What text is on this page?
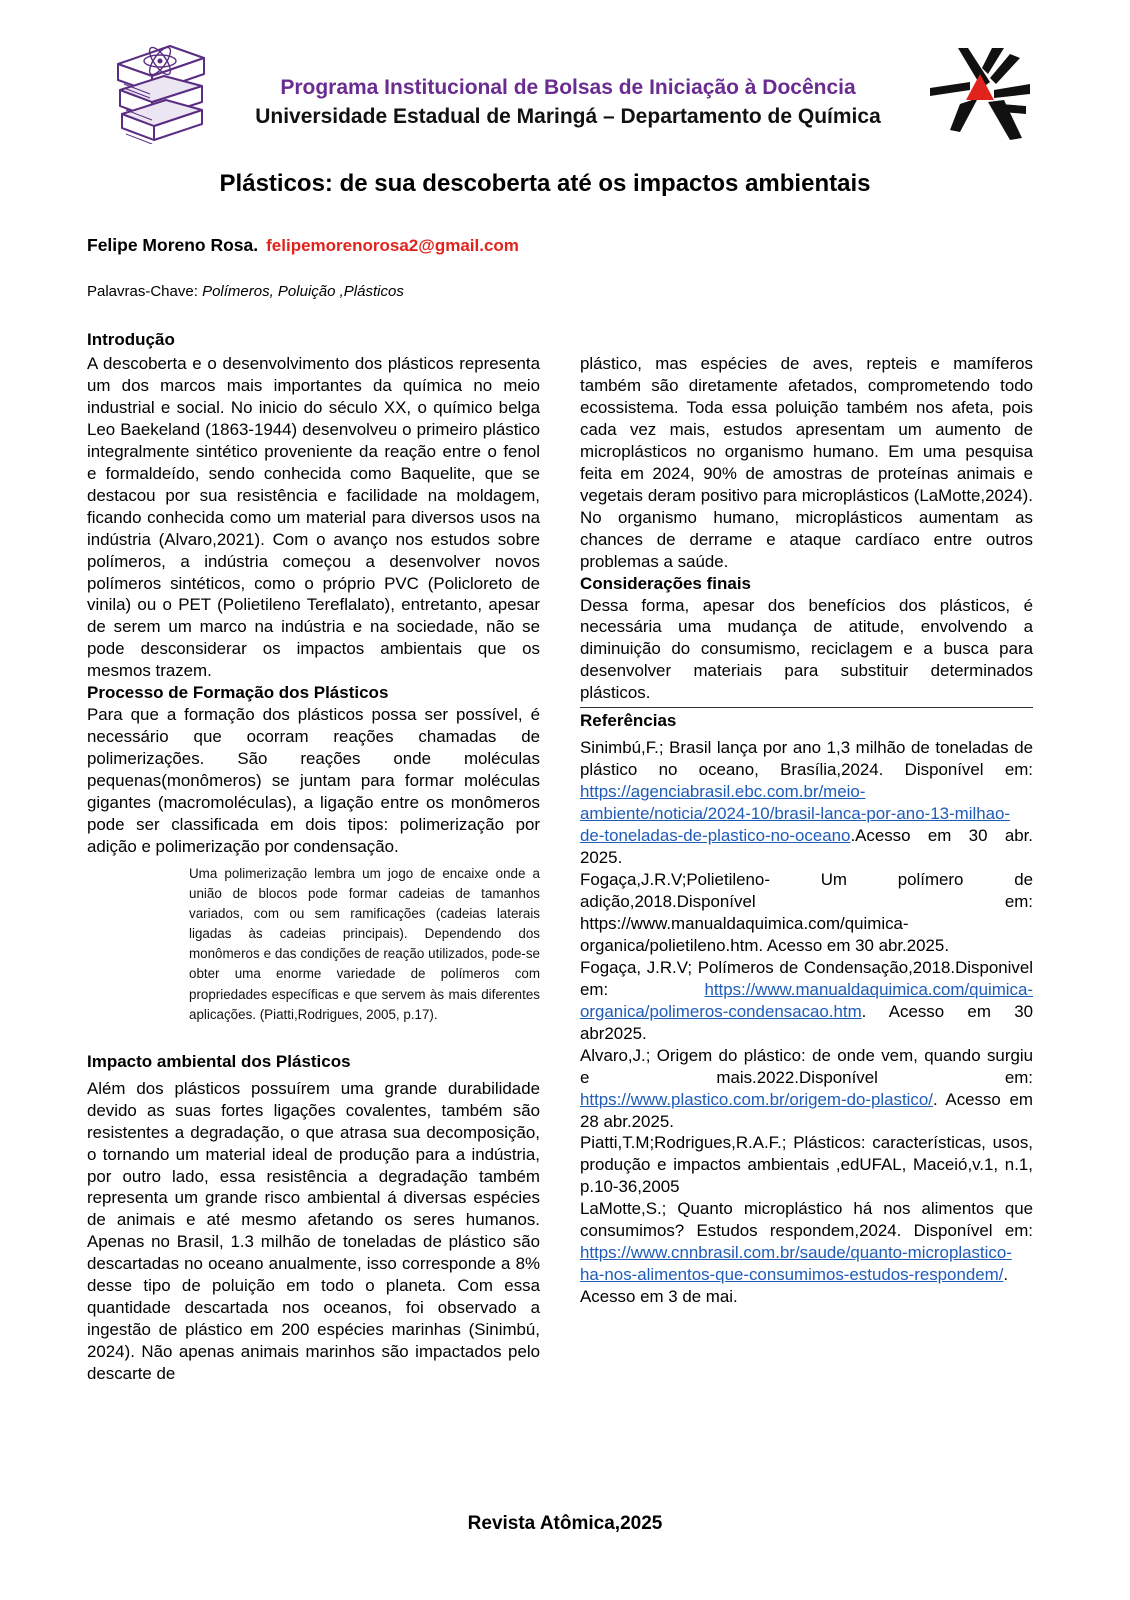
Programa Institucional de Bolsas de Iniciação à Docência
Universidade Estadual de Maringá – Departamento de Química
Plásticos: de sua descoberta até os impactos ambientais
Felipe Moreno Rosa. felipemorenorosa2@gmail.com
Palavras-Chave: Polímeros, Poluição ,Plásticos
Introdução

A descoberta e o desenvolvimento dos plásticos representa um dos marcos mais importantes da química no meio industrial e social. No inicio do século XX, o químico belga Leo Baekeland (1863-1944) desenvolveu o primeiro plástico integralmente sintético proveniente da reação entre o fenol e formaldeído, sendo conhecida como Baquelite, que se destacou por sua resistência e facilidade na moldagem, ficando conhecida como um material para diversos usos na indústria (Alvaro,2021). Com o avanço nos estudos sobre polímeros, a indústria começou a desenvolver novos polímeros sintéticos, como o próprio PVC (Policloreto de vinila) ou o PET (Polietileno Tereflalato), entretanto, apesar de serem um marco na indústria e na sociedade, não se pode desconsiderar os impactos ambientais que os mesmos trazem.

Processo de Formação dos Plásticos

Para que a formação dos plásticos possa ser possível, é necessário que ocorram reações chamadas de polimerizações. São reações onde moléculas pequenas(monômeros) se juntam para formar moléculas gigantes (macromoléculas), a ligação entre os monômeros pode ser classificada em dois tipos: polimerização por adição e polimerização por condensação.

Uma polimerização lembra um jogo de encaixe onde a união de blocos pode formar cadeias de tamanhos variados, com ou sem ramificações (cadeias laterais ligadas às cadeias principais). Dependendo dos monômeros e das condições de reação utilizados, pode-se obter uma enorme variedade de polímeros com propriedades específicas e que servem às mais diferentes aplicações. (Piatti,Rodrigues, 2005, p.17).
Impacto ambiental dos Plásticos

Além dos plásticos possuírem uma grande durabilidade devido as suas fortes ligações covalentes, também são resistentes a degradação, o que atrasa sua decomposição, o tornando um material ideal de produção para a indústria, por outro lado, essa resistência a degradação também representa um grande risco ambiental á diversas espécies de animais e até mesmo afetando os seres humanos. Apenas no Brasil, 1.3 milhão de toneladas de plástico são descartadas no oceano anualmente, isso corresponde a 8% desse tipo de poluição em todo o planeta. Com essa quantidade descartada nos oceanos, foi observado a ingestão de plástico em 200 espécies marinhas (Sinimbú, 2024). Não apenas animais marinhos são impactados pelo descarte de

plástico, mas espécies de aves, repteis e mamíferos também são diretamente afetados, comprometendo todo ecossistema. Toda essa poluição também nos afeta, pois cada vez mais, estudos apresentam um aumento de microplásticos no organismo humano. Em uma pesquisa feita em 2024, 90% de amostras de proteínas animais e vegetais deram positivo para microplásticos (LaMotte,2024). No organismo humano, microplásticos aumentam as chances de derrame e ataque cardíaco entre outros problemas a saúde.

Considerações finais

Dessa forma, apesar dos benefícios dos plásticos, é necessária uma mudança de atitude, envolvendo a diminuição do consumismo, reciclagem e a busca para desenvolver materiais para substituir determinados plásticos.

Referências

Sinimbú,F.; Brasil lança por ano 1,3 milhão de toneladas de plástico no oceano, Brasília,2024. Disponível em: https://agenciabrasil.ebc.com.br/meio-ambiente/noticia/2024-10/brasil-lanca-por-ano-13-milhao-de-toneladas-de-plastico-no-oceano.Acesso em 30 abr. 2025.

Fogaça,J.R.V;Polietileno- Um polímero de adição,2018.Disponível em: https://www.manualdaquimica.com/quimica-organica/polietileno.htm. Acesso em 30 abr.2025.

Fogaça, J.R.V; Polímeros de Condensação,2018.Disponivel em: https://www.manualdaquimica.com/quimica-organica/polimeros-condensacao.htm. Acesso em 30 abr2025.

Alvaro,J.; Origem do plástico: de onde vem, quando surgiu e mais.2022.Disponível em: https://www.plastico.com.br/origem-do-plastico/. Acesso em 28 abr.2025.

Piatti,T.M;Rodrigues,R.A.F.; Plásticos: características, usos, produção e impactos ambientais ,edUFAL, Maceió,v.1, n.1, p.10-36,2005

LaMotte,S.; Quanto microplástico há nos alimentos que consumimos? Estudos respondem,2024. Disponível em: https://www.cnnbrasil.com.br/saude/quanto-microplastico-ha-nos-alimentos-que-consumimos-estudos-respondem/. Acesso em 3 de mai.

Revista Atômica,2025
